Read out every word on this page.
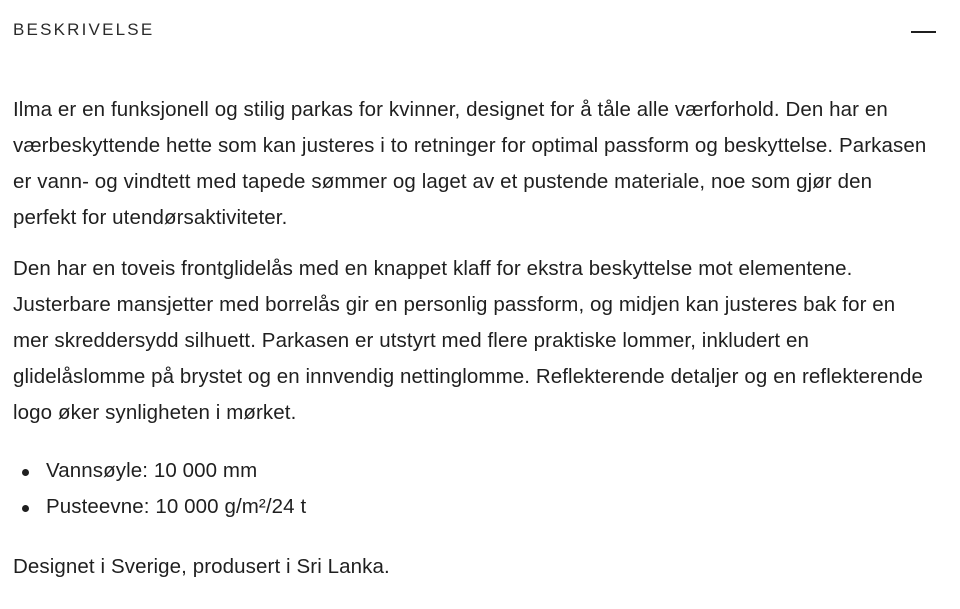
BESKRIVELSE

Ilma er en funksjonell og stilig parkas for kvinner, designet for å tåle alle værforhold. Den har en værbeskyttende hette som kan justeres i to retninger for optimal passform og beskyttelse. Parkasen er vann- og vindtett med tapede sømmer og laget av et pustende materiale, noe som gjør den perfekt for utendørsaktiviteter.

Den har en toveis frontglidelås med en knappet klaff for ekstra beskyttelse mot elementene. Justerbare mansjetter med borrelås gir en personlig passform, og midjen kan justeres bak for en mer skreddersydd silhuett. Parkasen er utstyrt med flere praktiske lommer, inkludert en glidelåslomme på brystet og en innvendig nettinglomme. Reflekterende detaljer og en reflekterende logo øker synligheten i mørket.

Vannsøyle: 10 000 mm
Pusteevne: 10 000 g/m²/24 t

Designet i Sverige, produsert i Sri Lanka.
